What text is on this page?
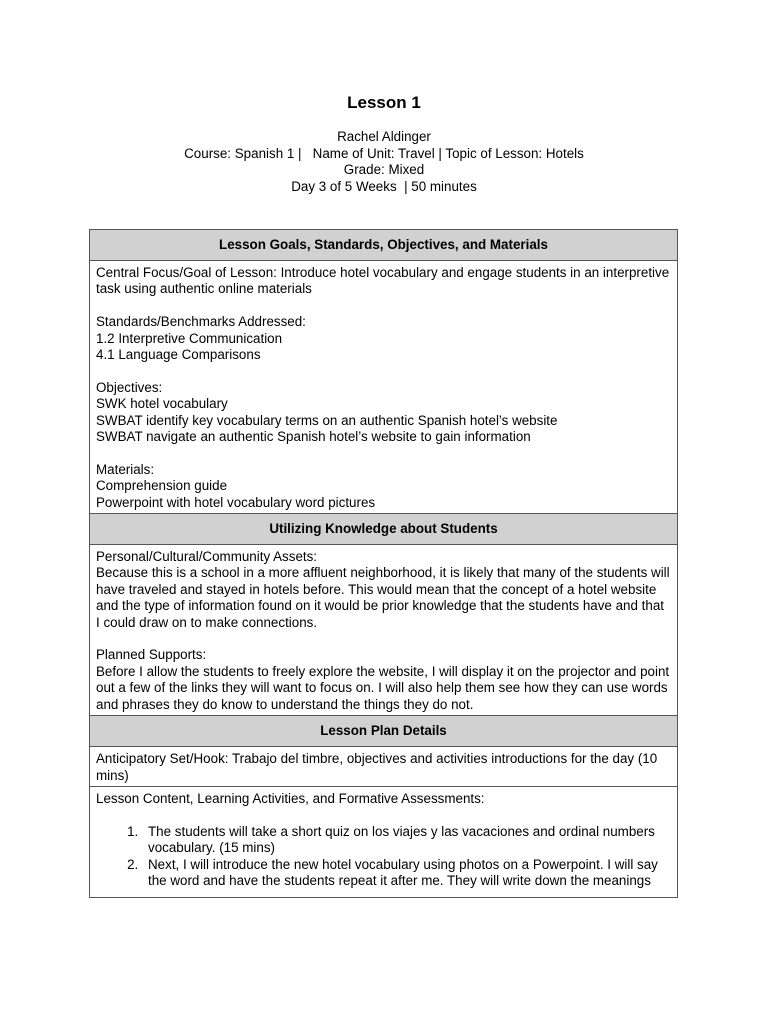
Lesson 1
Rachel Aldinger
Course: Spanish 1 |   Name of Unit: Travel | Topic of Lesson: Hotels
Grade: Mixed
Day 3 of 5 Weeks  | 50 minutes
Lesson Goals, Standards, Objectives, and Materials

Central Focus/Goal of Lesson: Introduce hotel vocabulary and engage students in an interpretive task using authentic online materials
Standards/Benchmarks Addressed:
1.2 Interpretive Communication
4.1 Language Comparisons
Objectives:
SWK hotel vocabulary
SWBAT identify key vocabulary terms on an authentic Spanish hotel’s website
SWBAT navigate an authentic Spanish hotel’s website to gain information
Materials:
Comprehension guide
Powerpoint with hotel vocabulary word pictures

Utilizing Knowledge about Students

Personal/Cultural/Community Assets:
Because this is a school in a more affluent neighborhood, it is likely that many of the students will have traveled and stayed in hotels before. This would mean that the concept of a hotel website and the type of information found on it would be prior knowledge that the students have and that I could draw on to make connections.
Planned Supports:
Before I allow the students to freely explore the website, I will display it on the projector and point out a few of the links they will want to focus on. I will also help them see how they can use words and phrases they do know to understand the things they do not.

Lesson Plan Details
Anticipatory Set/Hook: Trabajo del timbre, objectives and activities introductions for the day (10 mins)

Lesson Content, Learning Activities, and Formative Assessments:
1. The students will take a short quiz on los viajes y las vacaciones and ordinal numbers vocabulary. (15 mins)
2. Next, I will introduce the new hotel vocabulary using photos on a Powerpoint. I will say the word and have the students repeat it after me. They will write down the meanings
